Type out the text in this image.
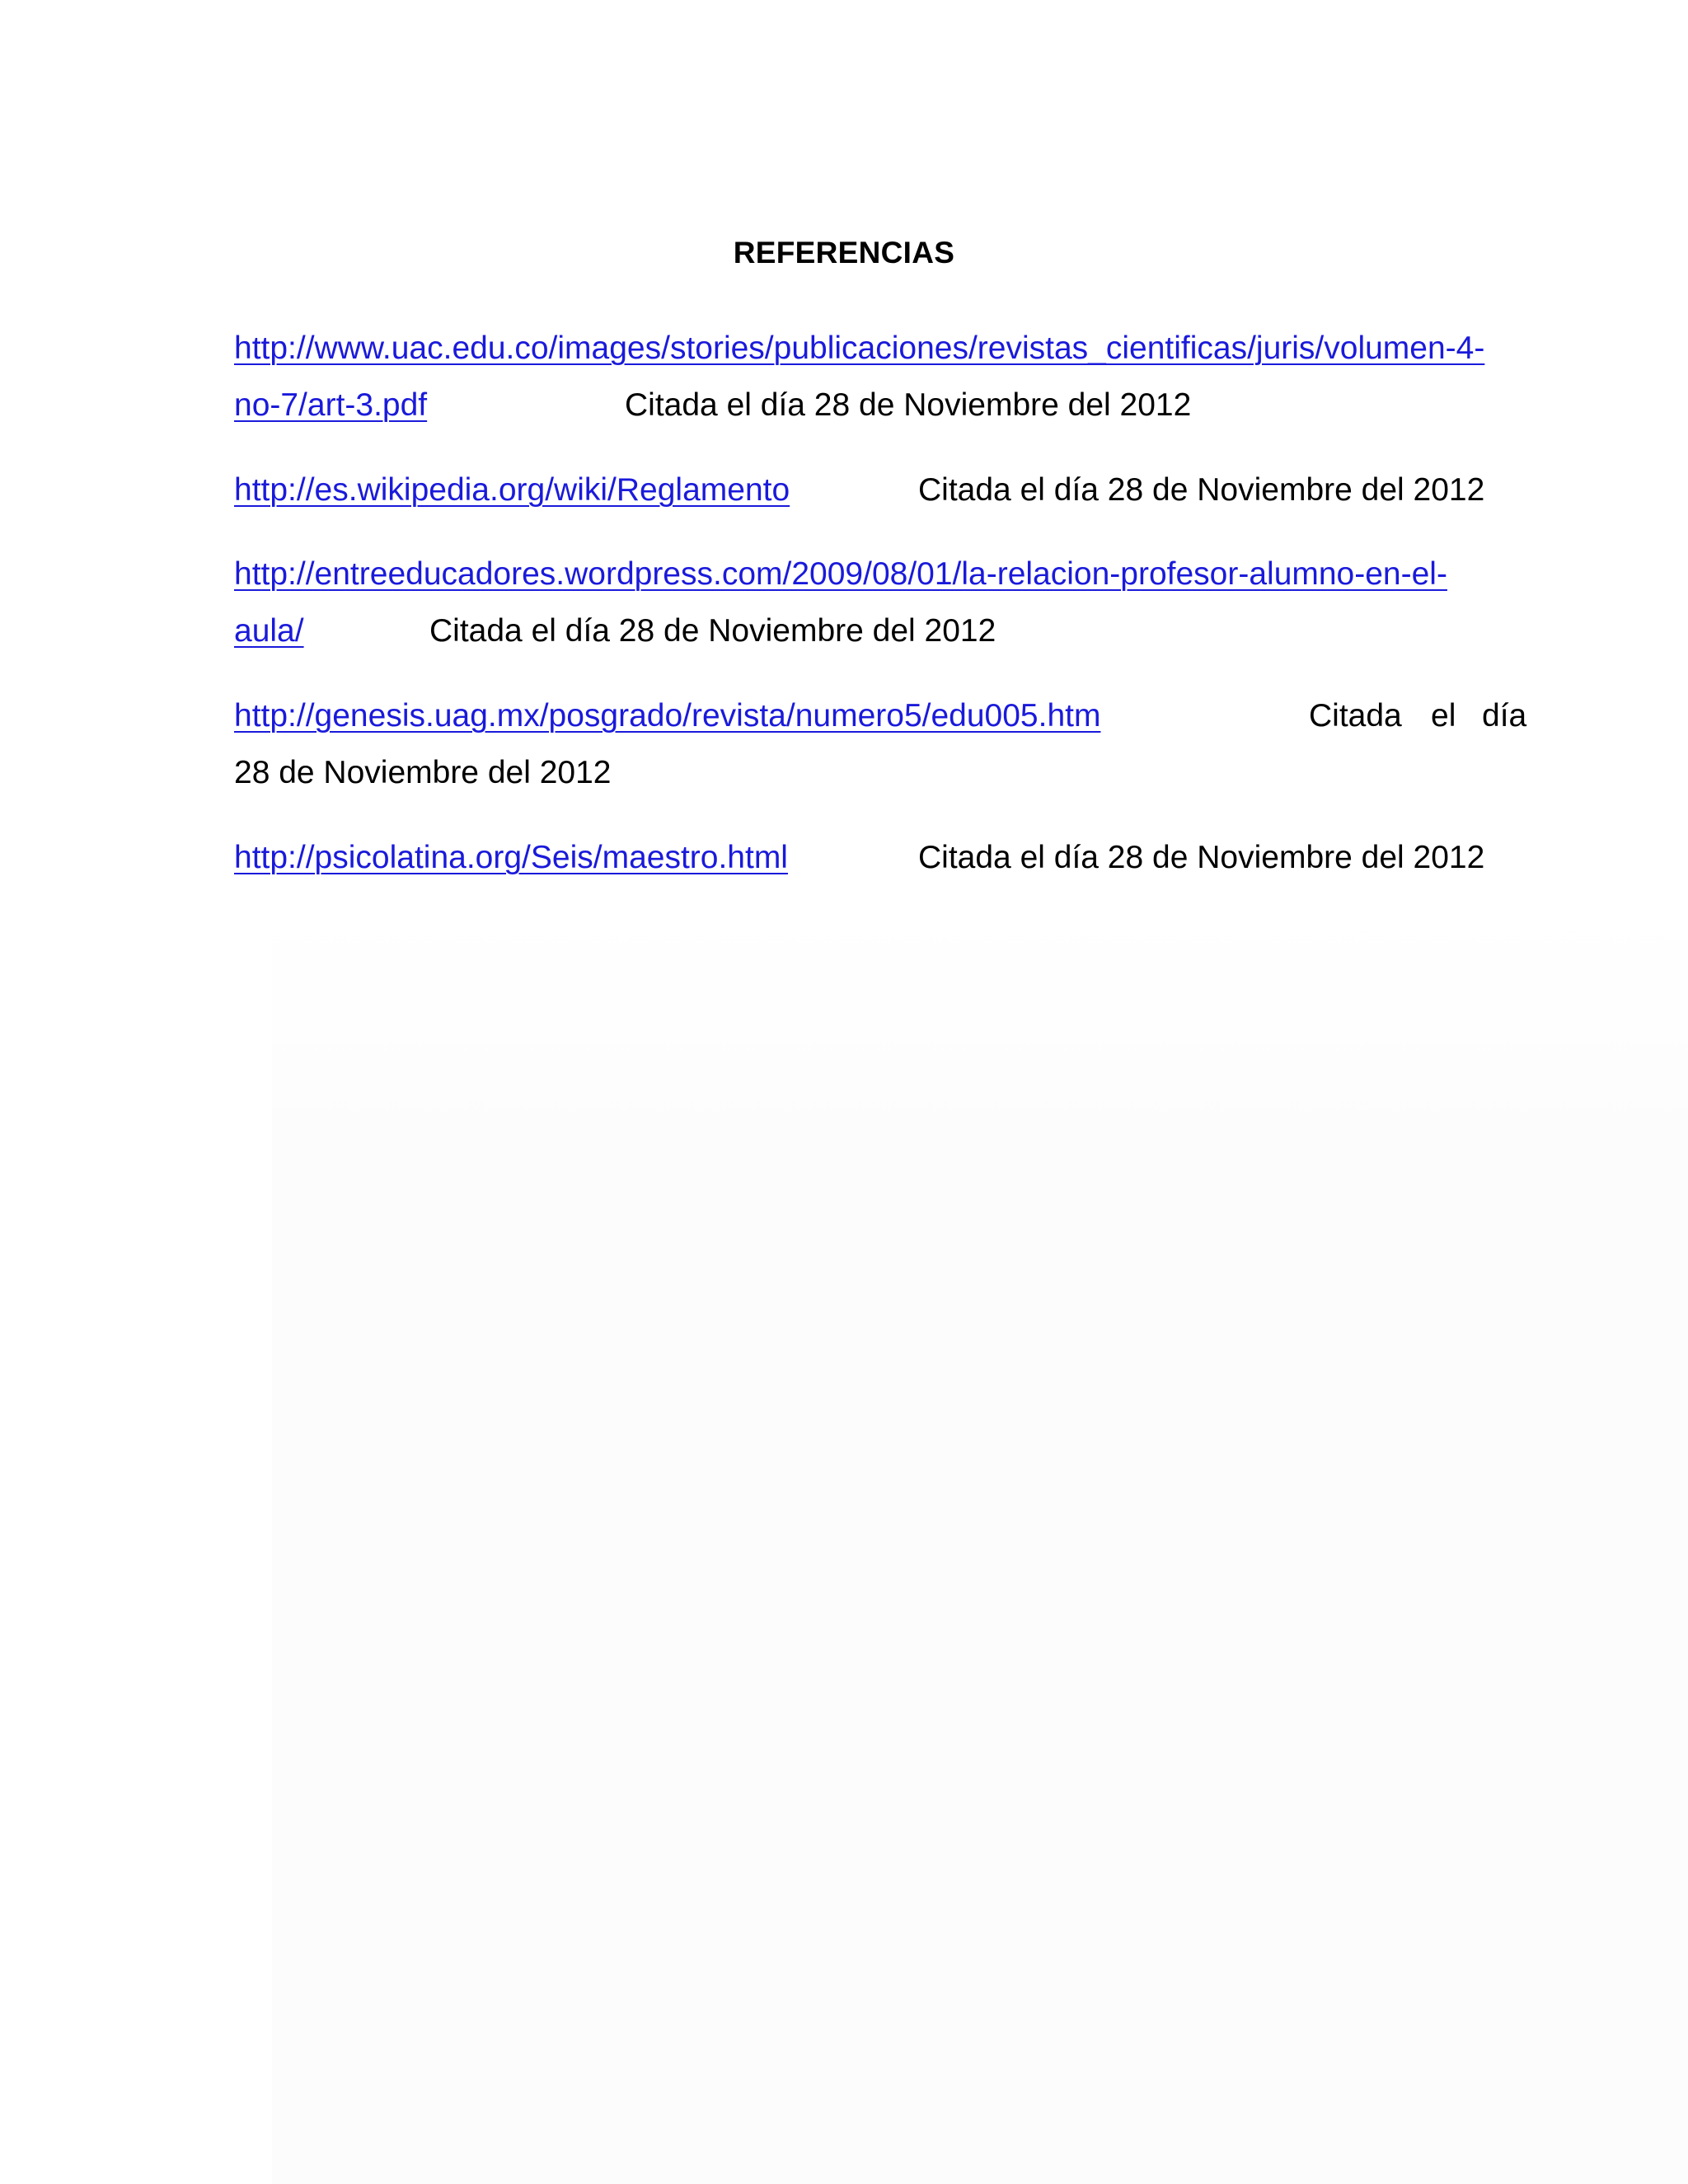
REFERENCIAS
http://www.uac.edu.co/images/stories/publicaciones/revistas_cientificas/juris/volumen-4-
no-7/art-3.pdf	Citada el día 28 de Noviembre del 2012
http://es.wikipedia.org/wiki/Reglamento	Citada el día 28 de Noviembre del 2012
http://entreeducadores.wordpress.com/2009/08/01/la-relacion-profesor-alumno-en-el-
aula/	Citada el día 28 de Noviembre del 2012
http://genesis.uag.mx/posgrado/revista/numero5/edu005.htm	Citada el día
28 de Noviembre del 2012
http://psicolatina.org/Seis/maestro.html	Citada el día 28 de Noviembre del 2012
